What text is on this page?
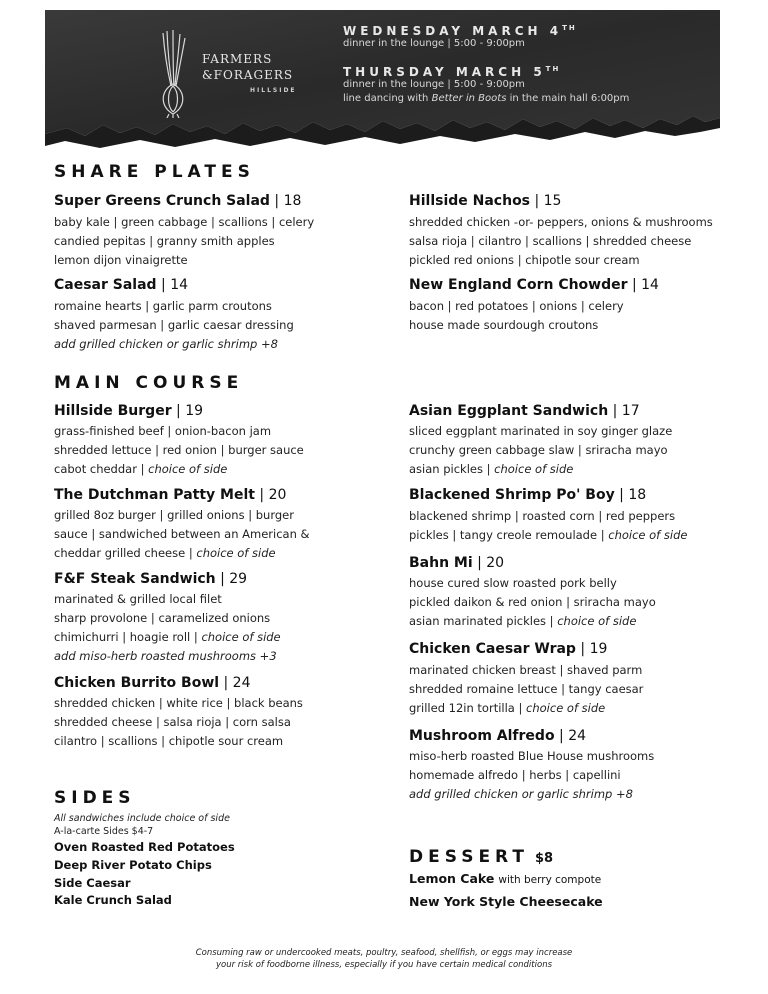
FARMERS
&FORAGERS
HILLSIDE
WEDNESDAY MARCH 4TH
dinner in the lounge | 5:00 - 9:00pm
THURSDAY MARCH 5TH
dinner in the lounge | 5:00 - 9:00pm
line dancing with Better in Boots in the main hall 6:00pm
SHARE PLATES
Super Greens Crunch Salad | 18
baby kale | green cabbage | scallions | celery
candied pepitas | granny smith apples
lemon dijon vinaigrette
Caesar Salad | 14
romaine hearts | garlic parm croutons
shaved parmesan | garlic caesar dressing
add grilled chicken or garlic shrimp +8
Hillside Nachos | 15
shredded chicken -or- peppers, onions & mushrooms
salsa rioja | cilantro | scallions | shredded cheese
pickled red onions | chipotle sour cream
New England Corn Chowder | 14
bacon | red potatoes | onions | celery
house made sourdough croutons
MAIN COURSE
Hillside Burger | 19
grass-finished beef | onion-bacon jam
shredded lettuce | red onion | burger sauce
cabot cheddar | choice of side
The Dutchman Patty Melt | 20
grilled 8oz burger | grilled onions | burger
sauce | sandwiched between an American &
cheddar grilled cheese | choice of side
F&F Steak Sandwich | 29
marinated & grilled local filet
sharp provolone | caramelized onions
chimichurri | hoagie roll | choice of side
add miso-herb roasted mushrooms +3
Chicken Burrito Bowl | 24
shredded chicken | white rice | black beans
shredded cheese | salsa rioja | corn salsa
cilantro | scallions | chipotle sour cream
Asian Eggplant Sandwich | 17
sliced eggplant marinated in soy ginger glaze
crunchy green cabbage slaw | sriracha mayo
asian pickles | choice of side
Blackened Shrimp Po' Boy | 18
blackened shrimp | roasted corn | red peppers
pickles | tangy creole remoulade | choice of side
Bahn Mi | 20
house cured slow roasted pork belly
pickled daikon & red onion | sriracha mayo
asian marinated pickles | choice of side
Chicken Caesar Wrap | 19
marinated chicken breast | shaved parm
shredded romaine lettuce | tangy caesar
grilled 12in tortilla | choice of side
Mushroom Alfredo | 24
miso-herb roasted Blue House mushrooms
homemade alfredo | herbs | capellini
add grilled chicken or garlic shrimp +8
SIDES
All sandwiches include choice of side
A-la-carte Sides $4-7
Oven Roasted Red Potatoes
Deep River Potato Chips
Side Caesar
Kale Crunch Salad
DESSERT $8
Lemon Cake with berry compote
New York Style Cheesecake
Consuming raw or undercooked meats, poultry, seafood, shellfish, or eggs may increase
your risk of foodborne illness, especially if you have certain medical conditions
